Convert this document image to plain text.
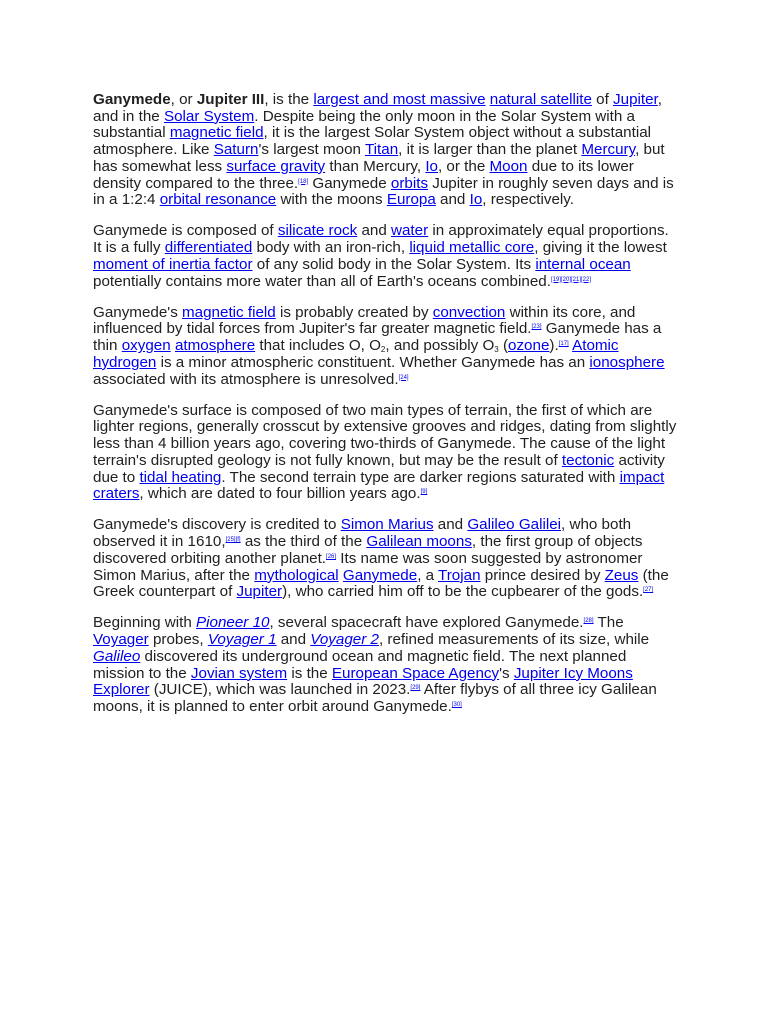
Ganymede, or Jupiter III, is the largest and most massive natural satellite of Jupiter, and in the Solar System. Despite being the only moon in the Solar System with a substantial magnetic field, it is the largest Solar System object without a substantial atmosphere. Like Saturn's largest moon Titan, it is larger than the planet Mercury, but has somewhat less surface gravity than Mercury, Io, or the Moon due to its lower density compared to the three.[18] Ganymede orbits Jupiter in roughly seven days and is in a 1:2:4 orbital resonance with the moons Europa and Io, respectively.

Ganymede is composed of silicate rock and water in approximately equal proportions. It is a fully differentiated body with an iron-rich, liquid metallic core, giving it the lowest moment of inertia factor of any solid body in the Solar System. Its internal ocean potentially contains more water than all of Earth's oceans combined.[19][20][21][22]

Ganymede's magnetic field is probably created by convection within its core, and influenced by tidal forces from Jupiter's far greater magnetic field.[23] Ganymede has a thin oxygen atmosphere that includes O, $O_2$, and possibly $O_3$ (ozone).[17] Atomic hydrogen is a minor atmospheric constituent. Whether Ganymede has an ionosphere associated with its atmosphere is unresolved.[24]

Ganymede's surface is composed of two main types of terrain, the first of which are lighter regions, generally crosscut by extensive grooves and ridges, dating from slightly less than 4 billion years ago, covering two-thirds of Ganymede. The cause of the light terrain's disrupted geology is not fully known, but may be the result of tectonic activity due to tidal heating. The second terrain type are darker regions saturated with impact craters, which are dated to four billion years ago.[9]

Ganymede's discovery is credited to Simon Marius and Galileo Galilei, who both observed it in 1610,[25][f] as the third of the Galilean moons, the first group of objects discovered orbiting another planet.[26] Its name was soon suggested by astronomer Simon Marius, after the mythological Ganymede, a Trojan prince desired by Zeus (the Greek counterpart of Jupiter), who carried him off to be the cupbearer of the gods.[27]

Beginning with Pioneer 10, several spacecraft have explored Ganymede.[28] The Voyager probes, Voyager 1 and Voyager 2, refined measurements of its size, while Galileo discovered its underground ocean and magnetic field. The next planned mission to the Jovian system is the European Space Agency's Jupiter Icy Moons Explorer (JUICE), which was launched in 2023.[29] After flybys of all three icy Galilean moons, it is planned to enter orbit around Ganymede.[30]
